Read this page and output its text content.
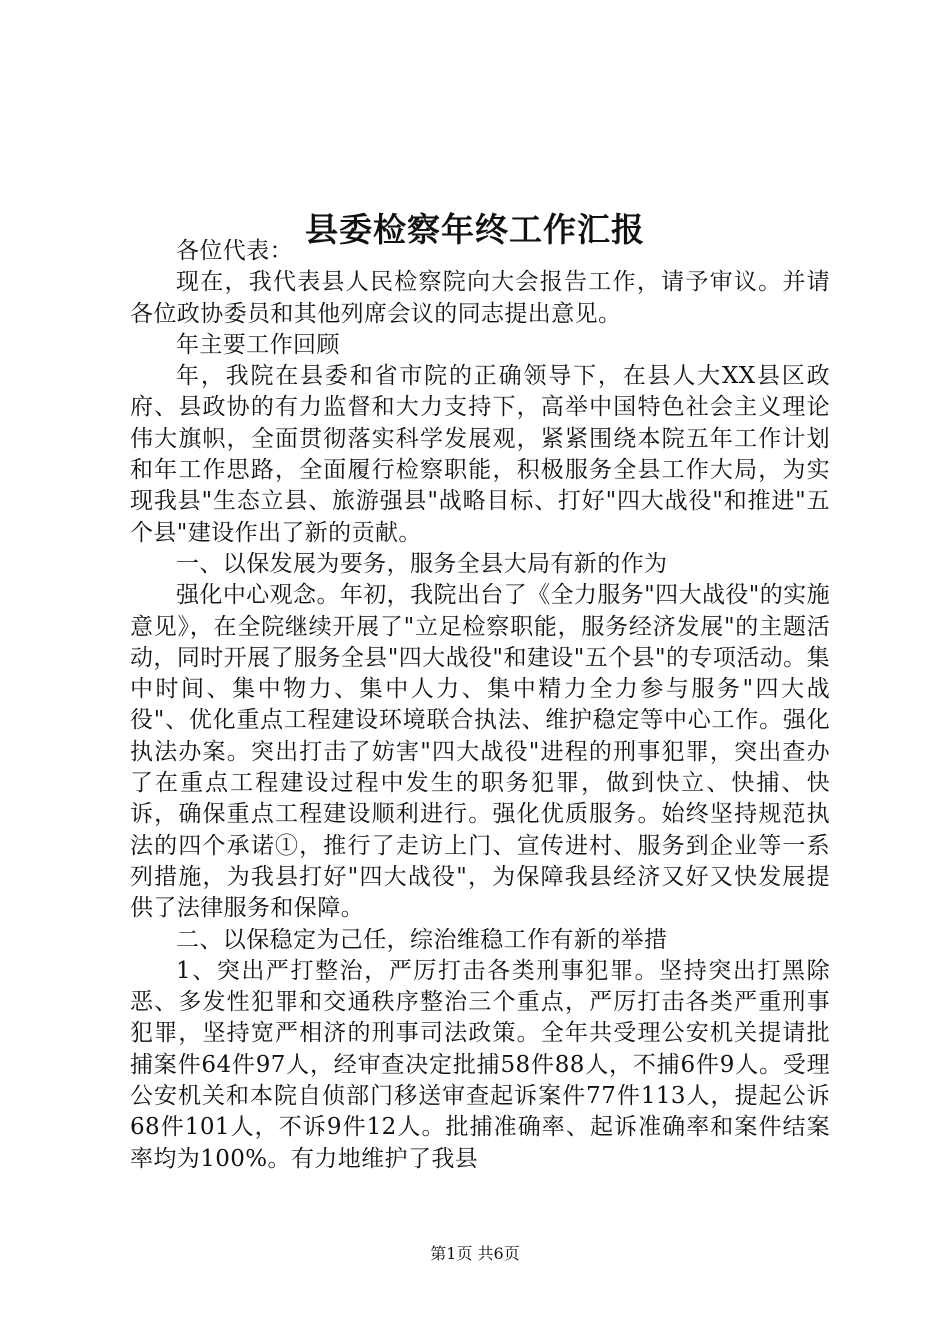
县委检察年终工作汇报

各位代表：

现在，我代表县人民检察院向大会报告工作，请予审议。并请各位政协委员和其他列席会议的同志提出意见。

年主要工作回顾

年，我院在县委和省市院的正确领导下，在县人大XX县区政府、县政协的有力监督和大力支持下，高举中国特色社会主义理论伟大旗帜，全面贯彻落实科学发展观，紧紧围绕本院五年工作计划和年工作思路，全面履行检察职能，积极服务全县工作大局，为实现我县"生态立县、旅游强县"战略目标、打好"四大战役"和推进"五个县"建设作出了新的贡献。

一、以保发展为要务，服务全县大局有新的作为

强化中心观念。年初，我院出台了《全力服务"四大战役"的实施意见》，在全院继续开展了"立足检察职能，服务经济发展"的主题活动，同时开展了服务全县"四大战役"和建设"五个县"的专项活动。集中时间、集中物力、集中人力、集中精力全力参与服务"四大战役"、优化重点工程建设环境联合执法、维护稳定等中心工作。强化执法办案。突出打击了妨害"四大战役"进程的刑事犯罪，突出查办了在重点工程建设过程中发生的职务犯罪，做到快立、快捕、快诉，确保重点工程建设顺利进行。强化优质服务。始终坚持规范执法的四个承诺①，推行了走访上门、宣传进村、服务到企业等一系列措施，为我县打好"四大战役"，为保障我县经济又好又快发展提供了法律服务和保障。

二、以保稳定为己任，综治维稳工作有新的举措

1、突出严打整治，严厉打击各类刑事犯罪。坚持突出打黑除恶、多发性犯罪和交通秩序整治三个重点，严厉打击各类严重刑事犯罪，坚持宽严相济的刑事司法政策。全年共受理公安机关提请批捕案件64件97人，经审查决定批捕58件88人，不捕6件9人。受理公安机关和本院自侦部门移送审查起诉案件77件113人，提起公诉68件101人，不诉9件12人。批捕准确率、起诉准确率和案件结案率均为100%。有力地维护了我县

第1页 共6页
